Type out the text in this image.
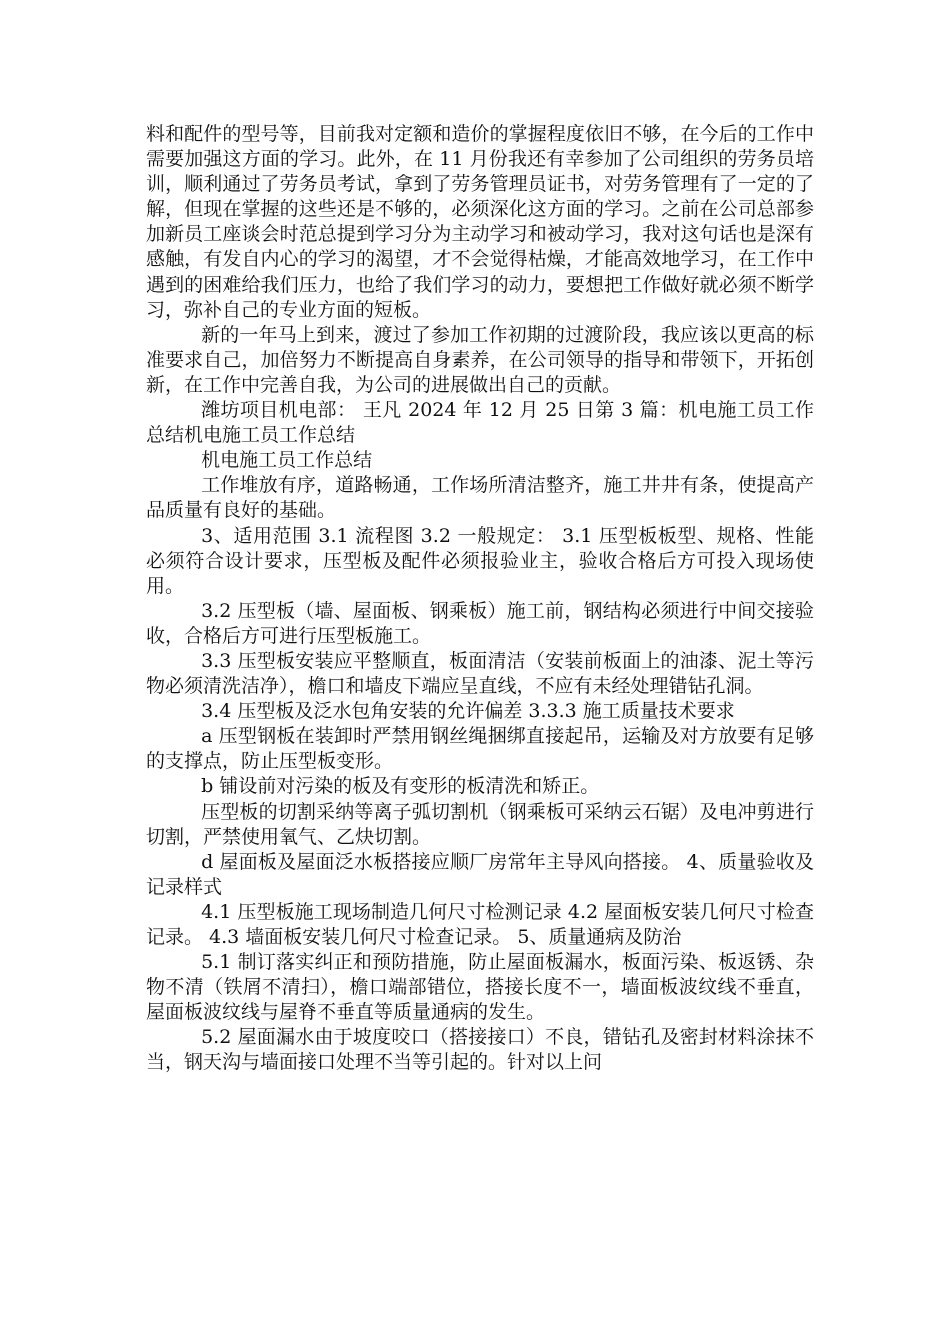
料和配件的型号等，目前我对定额和造价的掌握程度依旧不够，在今后的工作中需要加强这方面的学习。此外，在 11 月份我还有幸参加了公司组织的劳务员培训，顺利通过了劳务员考试，拿到了劳务管理员证书，对劳务管理有了一定的了解，但现在掌握的这些还是不够的，必须深化这方面的学习。之前在公司总部参加新员工座谈会时范总提到学习分为主动学习和被动学习，我对这句话也是深有感触，有发自内心的学习的渴望，才不会觉得枯燥，才能高效地学习，在工作中遇到的困难给我们压力，也给了我们学习的动力，要想把工作做好就必须不断学习，弥补自己的专业方面的短板。

新的一年马上到来，渡过了参加工作初期的过渡阶段，我应该以更高的标准要求自己，加倍努力不断提高自身素养，在公司领导的指导和带领下，开拓创新，在工作中完善自我，为公司的进展做出自己的贡献。

潍坊项目机电部： 王凡 2024 年 12 月 25 日第 3 篇：机电施工员工作总结机电施工员工作总结

机电施工员工作总结

工作堆放有序，道路畅通，工作场所清洁整齐，施工井井有条，使提高产品质量有良好的基础。

3、适用范围 3.1 流程图 3.2 一般规定： 3.1 压型板板型、规格、性能必须符合设计要求，压型板及配件必须报验业主，验收合格后方可投入现场使用。

3.2 压型板（墙、屋面板、钢乘板）施工前，钢结构必须进行中间交接验收，合格后方可进行压型板施工。

3.3 压型板安装应平整顺直，板面清洁（安装前板面上的油漆、泥土等污物必须清洗洁净），檐口和墙皮下端应呈直线，不应有未经处理错钻孔洞。

3.4 压型板及泛水包角安装的允许偏差 3.3.3 施工质量技术要求

a 压型钢板在装卸时严禁用钢丝绳捆绑直接起吊，运输及对方放要有足够的支撑点，防止压型板变形。

b 铺设前对污染的板及有变形的板清洗和矫正。

压型板的切割采纳等离子弧切割机（钢乘板可采纳云石锯）及电冲剪进行切割，严禁使用氧气、乙炔切割。

d 屋面板及屋面泛水板搭接应顺厂房常年主导风向搭接。 4、质量验收及记录样式

4.1 压型板施工现场制造几何尺寸检测记录 4.2 屋面板安装几何尺寸检查记录。 4.3 墙面板安装几何尺寸检查记录。 5、质量通病及防治

5.1 制订落实纠正和预防措施，防止屋面板漏水，板面污染、板返锈、杂物不清（铁屑不清扫），檐口端部错位，搭接长度不一，墙面板波纹线不垂直，屋面板波纹线与屋脊不垂直等质量通病的发生。

5.2 屋面漏水由于坡度咬口（搭接接口）不良，错钻孔及密封材料涂抹不当，钢天沟与墙面接口处理不当等引起的。针对以上问
